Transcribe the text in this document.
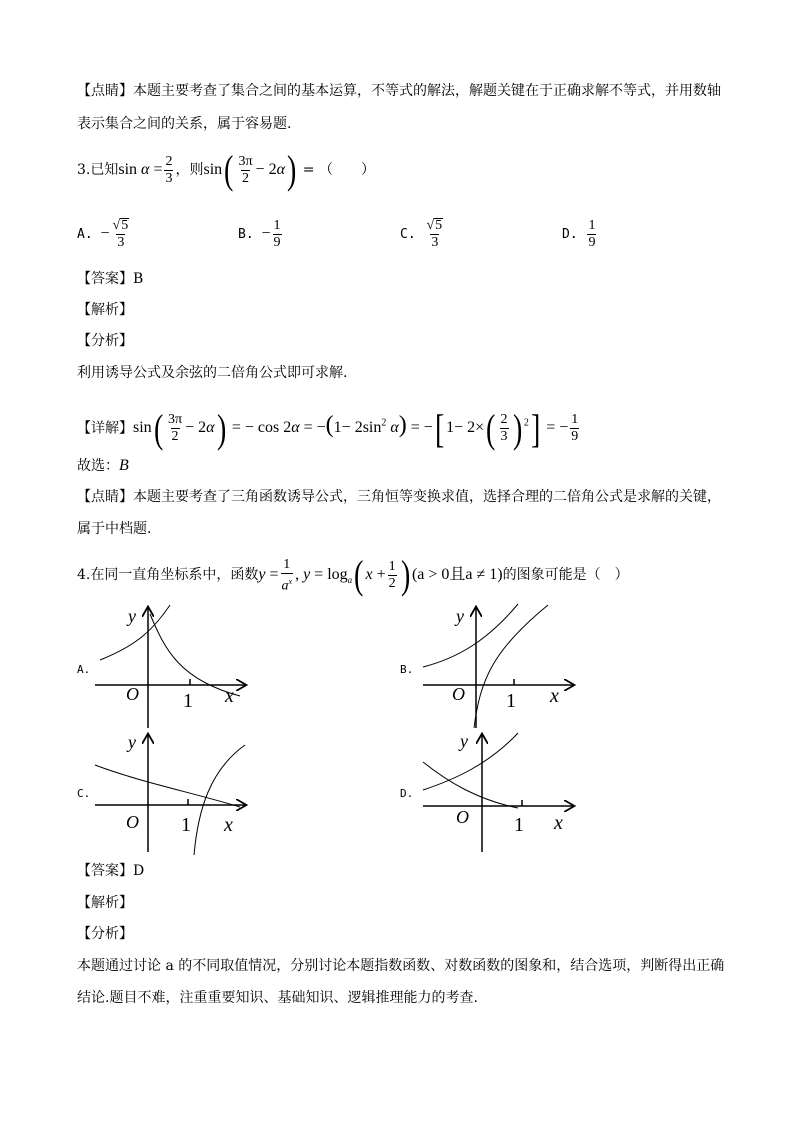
【点睛】本题主要考查了集合之间的基本运算，不等式的解法，解题关键在于正确求解不等式，并用数轴
表示集合之间的关系，属于容易题.
3.已知$\sin \alpha = \frac{2}{3}$ ，则$\sin( \frac{3\pi}{2} - 2\alpha)$ = （　　）
A. − $\frac{√5}{3}$	B. − $\frac{1}{9}$	C. $\frac{√5}{3}$	D. $\frac{1}{9}$
【答案】B
【解析】
【分析】
利用诱导公式及余弦的二倍角公式即可求解.
【详解】$\sin( \frac{3\pi}{2} - 2\alpha)$ = − $\cos 2\alpha = -(1- 2\sin^2$ α) = −[ $1- 2\times( \frac{2}{3}$ ) $^2$] = − $\frac{1}{9}$
故选：B
【点睛】本题主要考查了三角函数诱导公式，三角恒等变换求值，选择合理的二倍角公式是求解的关键，
属于中档题.
4.在同一直角坐标系中，函数$y = \frac{1}{a^x}$ , $y = \log_a$( $x + \frac{1}{2}$ ) (a > 0且a ≠ 1)的图象可能是（　）
A.	B.
C.	D.
y
O 1 x
y
O 1 x
y
O 1 x
y
O 1 x
【答案】D
【解析】
【分析】
本题通过讨论 a 的不同取值情况，分别讨论本题指数函数、对数函数的图象和，结合选项，判断得出正确
结论.题目不难，注重重要知识、基础知识、逻辑推理能力的考查.
